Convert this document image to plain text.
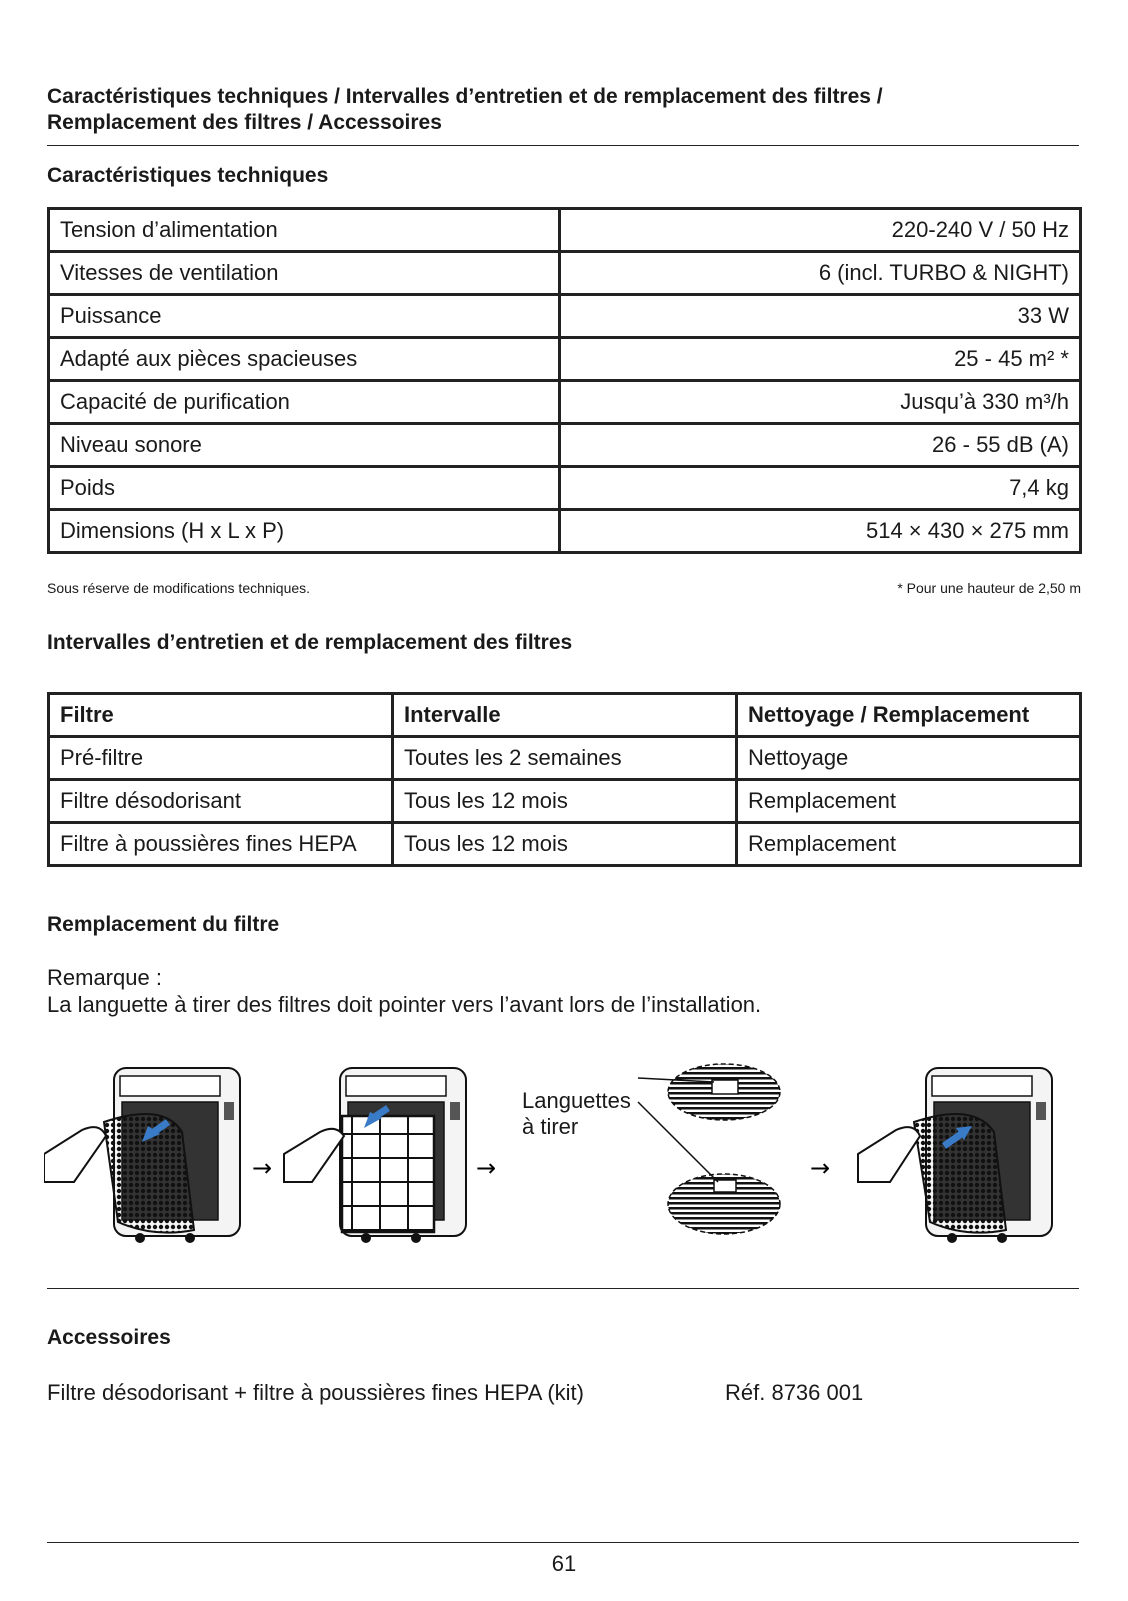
Caractéristiques techniques / Intervalles d’entretien et de remplacement des filtres /
Remplacement des filtres / Accessoires
Caractéristiques techniques
Tension d’alimentation	220-240 V / 50 Hz
Vitesses de ventilation	6 (incl. TURBO & NIGHT)
Puissance	33 W
Adapté aux pièces spacieuses	25 - 45 m² *
Capacité de purification	Jusqu’à 330 m³/h
Niveau sonore	26 - 55 dB (A)
Poids	7,4 kg
Dimensions (H x L x P)	514 × 430 × 275 mm

Sous réserve de modifications techniques.	* Pour une hauteur de 2,50 m

Intervalles d’entretien et de remplacement des filtres
Filtre	Intervalle	Nettoyage / Remplacement
Pré-filtre	Toutes les 2 semaines	Nettoyage
Filtre désodorisant	Tous les 12 mois	Remplacement
Filtre à poussières fines HEPA	Tous les 12 mois	Remplacement
Remplacement du filtre

Remarque :

La languette à tirer des filtres doit pointer vers l’avant lors de l’installation.

→	→	→

Languettes
à tirer

Accessoires

Filtre désodorisant + filtre à poussières fines HEPA (kit)	Réf. 8736 001

61
